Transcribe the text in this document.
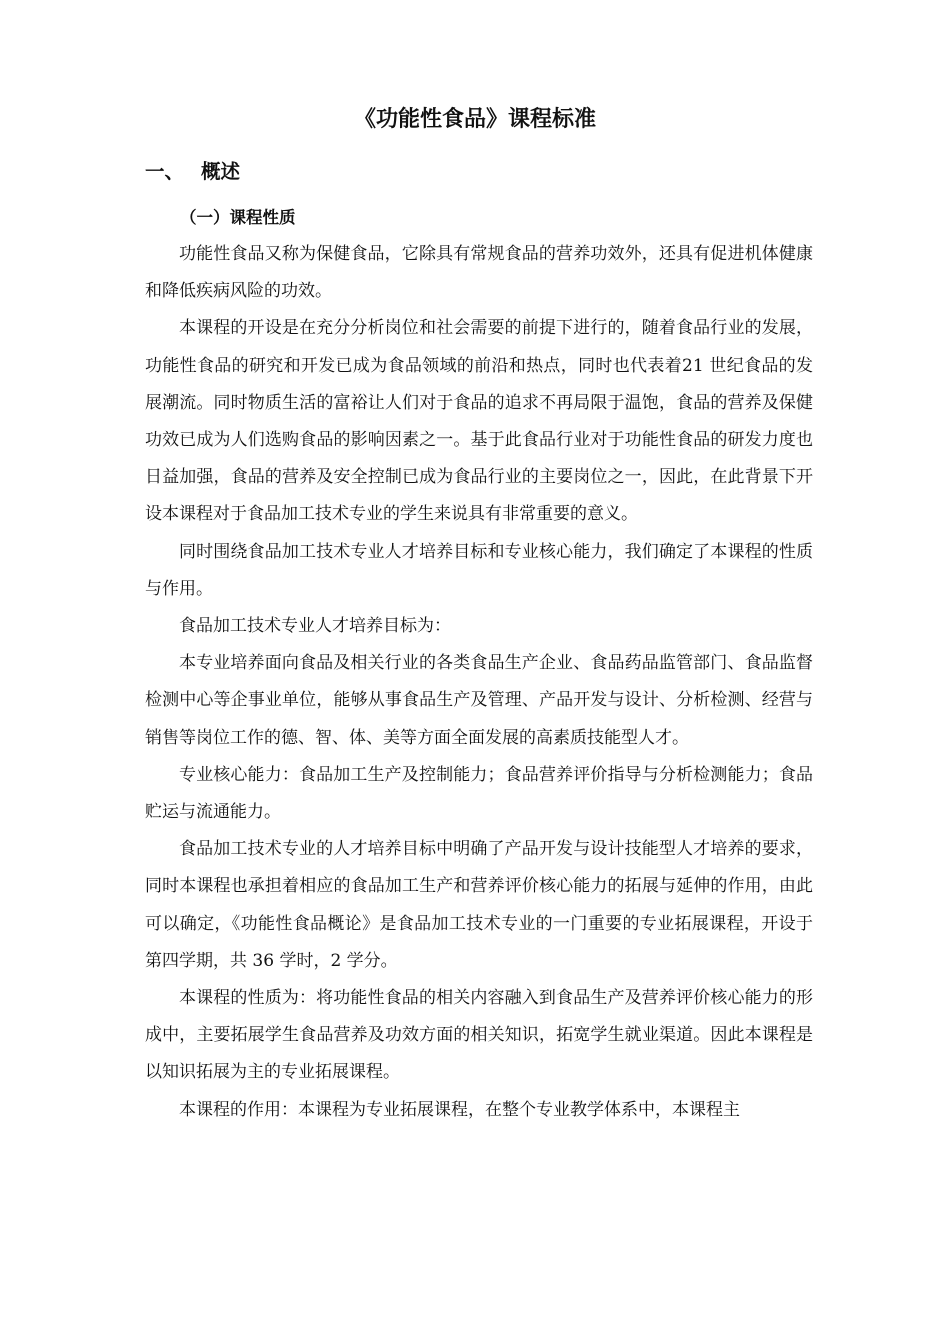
《功能性食品》课程标准
一、 概述
（一）课程性质

功能性食品又称为保健食品，它除具有常规食品的营养功效外，还具有促进机体健康和降低疾病风险的功效。

本课程的开设是在充分分析岗位和社会需要的前提下进行的，随着食品行业的发展，功能性食品的研究和开发已成为食品领域的前沿和热点，同时也代表着21 世纪食品的发展潮流。同时物质生活的富裕让人们对于食品的追求不再局限于温饱，食品的营养及保健功效已成为人们选购食品的影响因素之一。基于此食品行业对于功能性食品的研发力度也日益加强，食品的营养及安全控制已成为食品行业的主要岗位之一，因此，在此背景下开设本课程对于食品加工技术专业的学生来说具有非常重要的意义。

同时围绕食品加工技术专业人才培养目标和专业核心能力，我们确定了本课程的性质与作用。

食品加工技术专业人才培养目标为：

本专业培养面向食品及相关行业的各类食品生产企业、食品药品监管部门、食品监督检测中心等企事业单位，能够从事食品生产及管理、产品开发与设计、分析检测、经营与销售等岗位工作的德、智、体、美等方面全面发展的高素质技能型人才。

专业核心能力：食品加工生产及控制能力；食品营养评价指导与分析检测能力；食品贮运与流通能力。

食品加工技术专业的人才培养目标中明确了产品开发与设计技能型人才培养的要求，同时本课程也承担着相应的食品加工生产和营养评价核心能力的拓展与延伸的作用，由此可以确定，《功能性食品概论》是食品加工技术专业的一门重要的专业拓展课程，开设于第四学期，共 36 学时，2 学分。

本课程的性质为：将功能性食品的相关内容融入到食品生产及营养评价核心能力的形成中，主要拓展学生食品营养及功效方面的相关知识，拓宽学生就业渠道。因此本课程是以知识拓展为主的专业拓展课程。

本课程的作用：本课程为专业拓展课程，在整个专业教学体系中，本课程主
